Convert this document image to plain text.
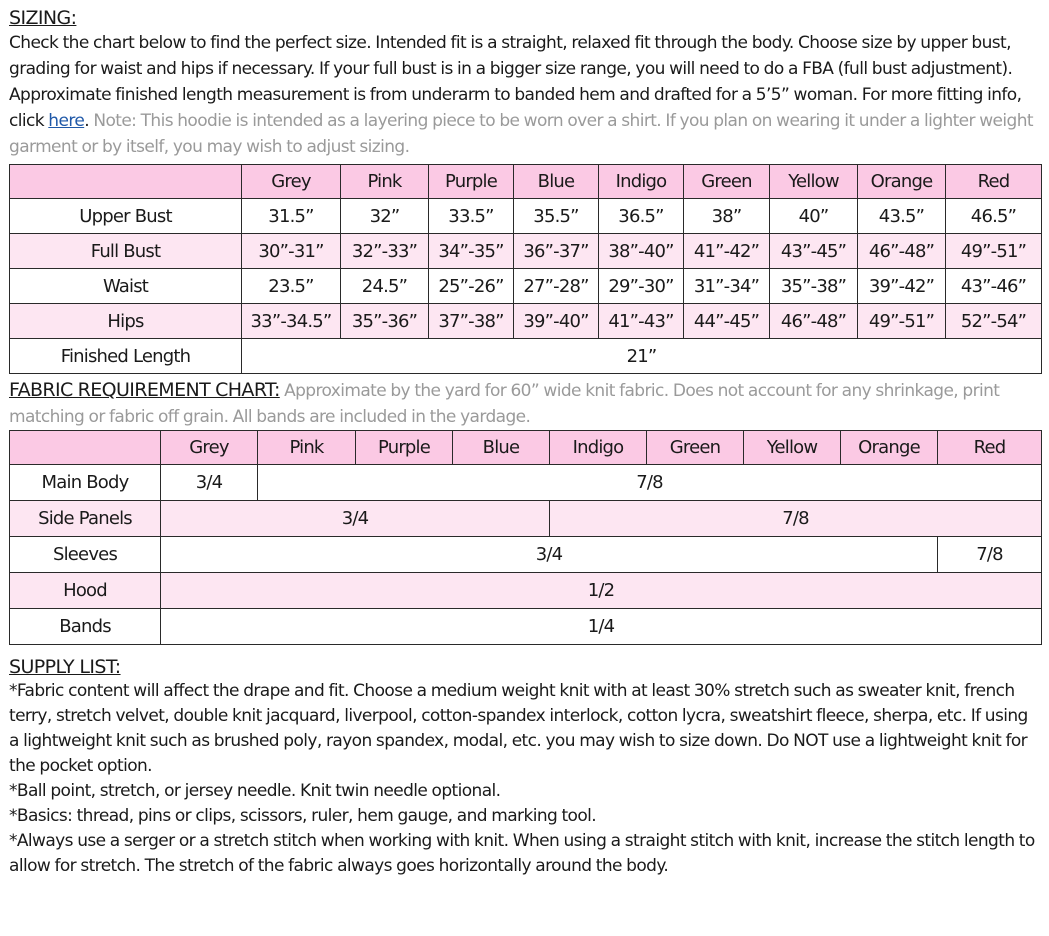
SIZING:

Check the chart below to find the perfect size. Intended fit is a straight, relaxed fit through the body. Choose size by upper bust, grading for waist and hips if necessary. If your full bust is in a bigger size range, you will need to do a FBA (full bust adjustment). Approximate finished length measurement is from underarm to banded hem and drafted for a 5’5” woman. For more fitting info, click here. Note: This hoodie is intended as a layering piece to be worn over a shirt. If you plan on wearing it under a lighter weight garment or by itself, you may wish to adjust sizing.

	Grey	Pink	Purple	Blue	Indigo	Green	Yellow	Orange	Red
Upper Bust	31.5”	32”	33.5”	35.5”	36.5”	38”	40”	43.5”	46.5”
Full Bust	30”-31”	32”-33”	34”-35”	36”-37”	38”-40”	41”-42”	43”-45”	46”-48”	49”-51”
Waist	23.5”	24.5”	25”-26”	27”-28”	29”-30”	31”-34”	35”-38”	39”-42”	43”-46”
Hips	33”-34.5”	35”-36”	37”-38”	39”-40”	41”-43”	44”-45”	46”-48”	49”-51”	52”-54”
Finished Length	21”								

FABRIC REQUIREMENT CHART: Approximate by the yard for 60” wide knit fabric. Does not account for any shrinkage, print matching or fabric off grain. All bands are included in the yardage.

	Grey	Pink	Purple	Blue	Indigo	Green	Yellow	Orange	Red
Main Body	3/4	7/8							
Side Panels	3/4				7/8				
Sleeves	3/4								7/8
Hood	1/2								
Bands	1/4								
SUPPLY LIST:

*Fabric content will affect the drape and fit. Choose a medium weight knit with at least 30% stretch such as sweater knit, french terry, stretch velvet, double knit jacquard, liverpool, cotton-spandex interlock, cotton lycra, sweatshirt fleece, sherpa, etc. If using a lightweight knit such as brushed poly, rayon spandex, modal, etc. you may wish to size down. Do NOT use a lightweight knit for the pocket option.

*Ball point, stretch, or jersey needle. Knit twin needle optional.

*Basics: thread, pins or clips, scissors, ruler, hem gauge, and marking tool.

*Always use a serger or a stretch stitch when working with knit. When using a straight stitch with knit, increase the stitch length to allow for stretch. The stretch of the fabric always goes horizontally around the body.
